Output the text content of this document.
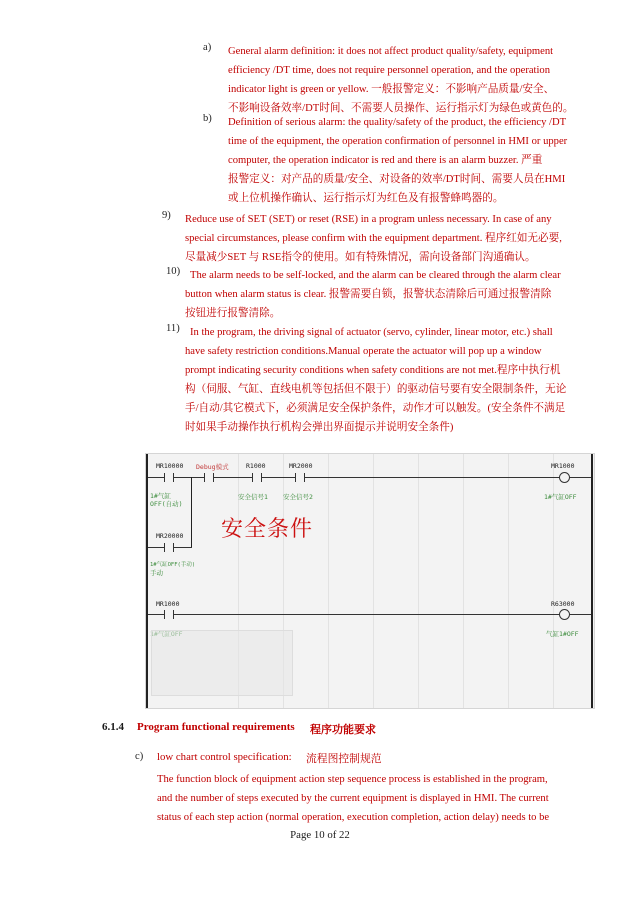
a) General alarm definition: it does not affect product quality/safety, equipment
efficiency /DT time, does not require personnel operation, and the operation
indicator light is green or yellow. 一般报警定义：不影响产品质量/安全、
不影响设备效率/DT时间、不需要人员操作、运行指示灯为绿色或黄色的。
b) Definition of serious alarm: the quality/safety of the product, the efficiency /DT
time of the equipment, the operation confirmation of personnel in HMI or upper
computer, the operation indicator is red and there is an alarm buzzer. 严重
报警定义：对产品的质量/安全、对设备的效率/DT时间、需要人员在HMI
或上位机操作确认、运行指示灯为红色及有报警蜂鸣器的。
9) Reduce use of SET (SET) or reset (RSE) in a program unless necessary. In case of any
special circumstances, please confirm with the equipment department. 程序红如无必要,
尽量减少SET 与 RSE指令的使用。如有特殊情况，需向设备部门沟通确认。
10) The alarm needs to be self-locked, and the alarm can be cleared through the alarm clear
button when alarm status is clear. 报警需要自锁，报警状态清除后可通过报警清除
按钮进行报警清除。
11) In the program, the driving signal of actuator (servo, cylinder, linear motor, etc.) shall
have safety restriction conditions.Manual operate the actuator will pop up a window
prompt indicating security conditions when safety conditions are not met.程序中执行机
构（伺服、气缸、直线电机等包括但不限于）的驱动信号要有安全限制条件，无论
手/自动/其它模式下，必须满足安全保护条件，动作才可以触发。(安全条件不满足
时如果手动操作执行机构会弹出界面提示并说明安全条件)
MR10000 Debug模式	R1000	MR2000	MR1000
1#气缸OFF(自动)
安全信号1 安全信号2	1#气缸OFF
MR20000
1#气缸OFF(手动)
手动
安全条件
MR1000	R63000
气缸1#OFF
6.1.4 Program functional requirements 程序功能要求
c) low chart control specification: 流程图控制规范
The function block of equipment action step sequence process is established in the program,
and the number of steps executed by the current equipment is displayed in HMI. The current
status of each step action (normal operation, execution completion, action delay) needs to be
Page 10 of 22
